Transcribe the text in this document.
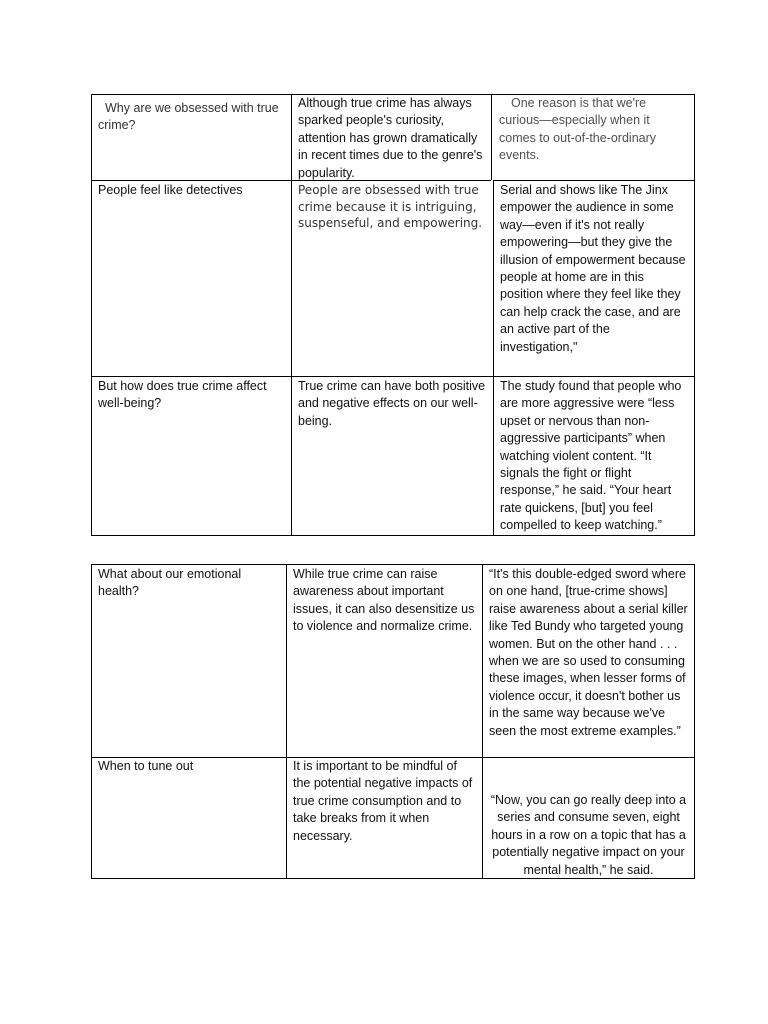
Why are we obsessed with true crime?
Although true crime has always sparked people's curiosity, attention has grown dramatically in recent times due to the genre's popularity.
One reason is that we're curious—especially when it comes to out-of-the-ordinary events.
People feel like detectives	People are obsessed with true crime because it is intriguing, suspenseful, and empowering.
Serial and shows like The Jinx empower the audience in some way—even if it's not really empowering—but they give the illusion of empowerment because people at home are in this position where they feel like they can help crack the case, and are an active part of the investigation,"
But how does true crime affect well-being?
True crime can have both positive and negative effects on our well-being.
The study found that people who are more aggressive were “less upset or nervous than non-aggressive participants” when watching violent content. “It signals the fight or flight response,” he said. “Your heart rate quickens, [but] you feel compelled to keep watching.”
What about our emotional health?
While true crime can raise awareness about important issues, it can also desensitize us to violence and normalize crime.
“It's this double-edged sword where on one hand, [true-crime shows] raise awareness about a serial killer like Ted Bundy who targeted young women. But on the other hand . . . when we are so used to consuming these images, when lesser forms of violence occur, it doesn't bother us in the same way because we've seen the most extreme examples.”
When to tune out	It is important to be mindful of the potential negative impacts of true crime consumption and to take breaks from it when necessary.
“Now, you can go really deep into a series and consume seven, eight hours in a row on a topic that has a potentially negative impact on your mental health,” he said.
